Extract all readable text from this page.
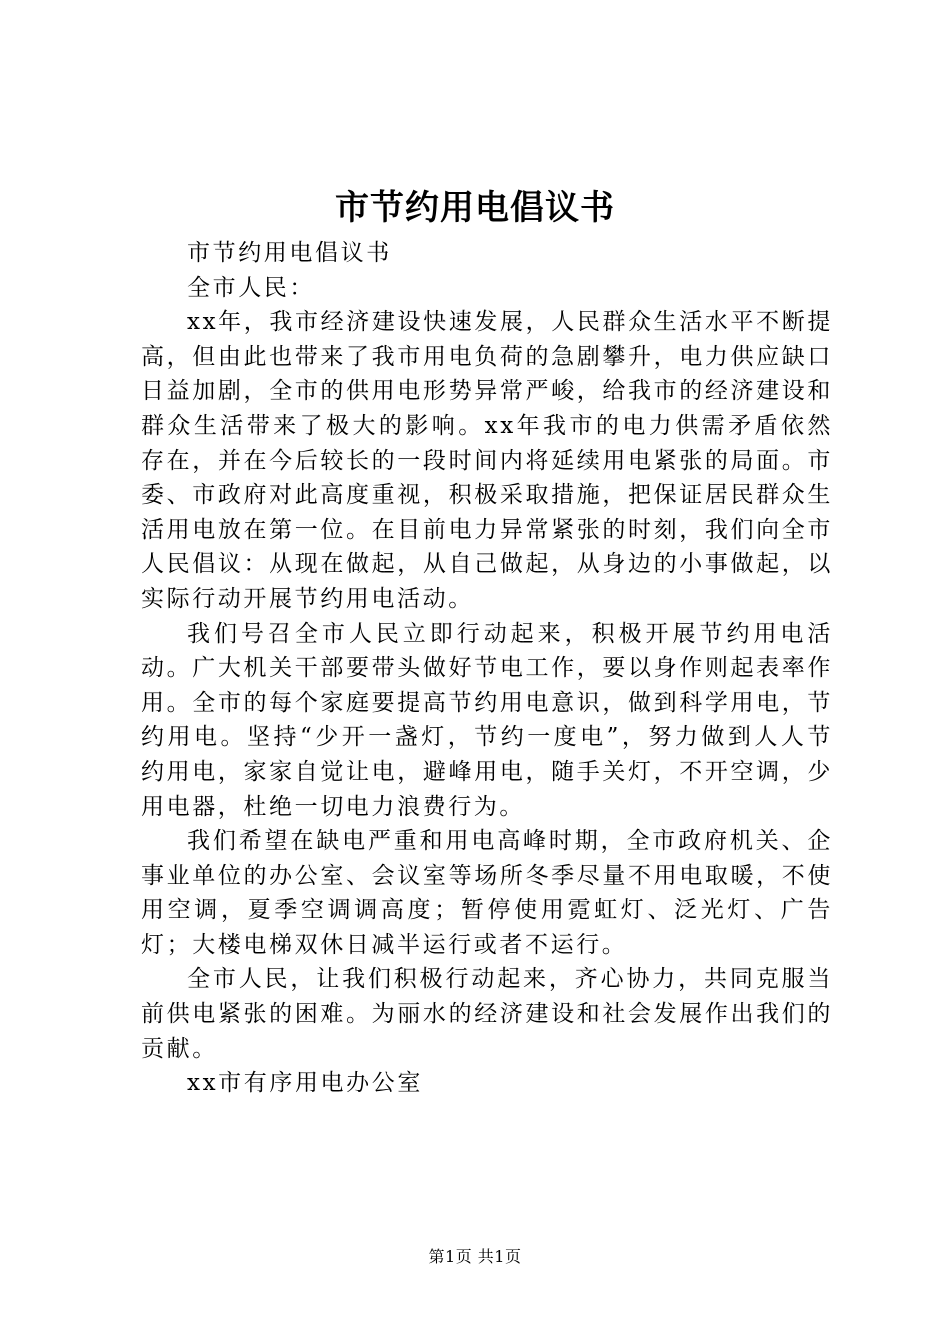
市节约用电倡议书

市节约用电倡议书

全市人民：

xx年，我市经济建设快速发展，人民群众生活水平不断提高，但由此也带来了我市用电负荷的急剧攀升，电力供应缺口日益加剧，全市的供用电形势异常严峻，给我市的经济建设和群众生活带来了极大的影响。xx年我市的电力供需矛盾依然存在，并在今后较长的一段时间内将延续用电紧张的局面。市委、市政府对此高度重视，积极采取措施，把保证居民群众生活用电放在第一位。在目前电力异常紧张的时刻，我们向全市人民倡议：从现在做起，从自己做起，从身边的小事做起，以实际行动开展节约用电活动。

我们号召全市人民立即行动起来，积极开展节约用电活动。广大机关干部要带头做好节电工作，要以身作则起表率作用。全市的每个家庭要提高节约用电意识，做到科学用电，节约用电。坚持“少开一盏灯，节约一度电”，努力做到人人节约用电，家家自觉让电，避峰用电，随手关灯，不开空调，少用电器，杜绝一切电力浪费行为。

我们希望在缺电严重和用电高峰时期，全市政府机关、企事业单位的办公室、会议室等场所冬季尽量不用电取暖，不使用空调，夏季空调调高度；暂停使用霓虹灯、泛光灯、广告灯；大楼电梯双休日减半运行或者不运行。

全市人民，让我们积极行动起来，齐心协力，共同克服当前供电紧张的困难。为丽水的经济建设和社会发展作出我们的贡献。

xx市有序用电办公室

第1页 共1页
